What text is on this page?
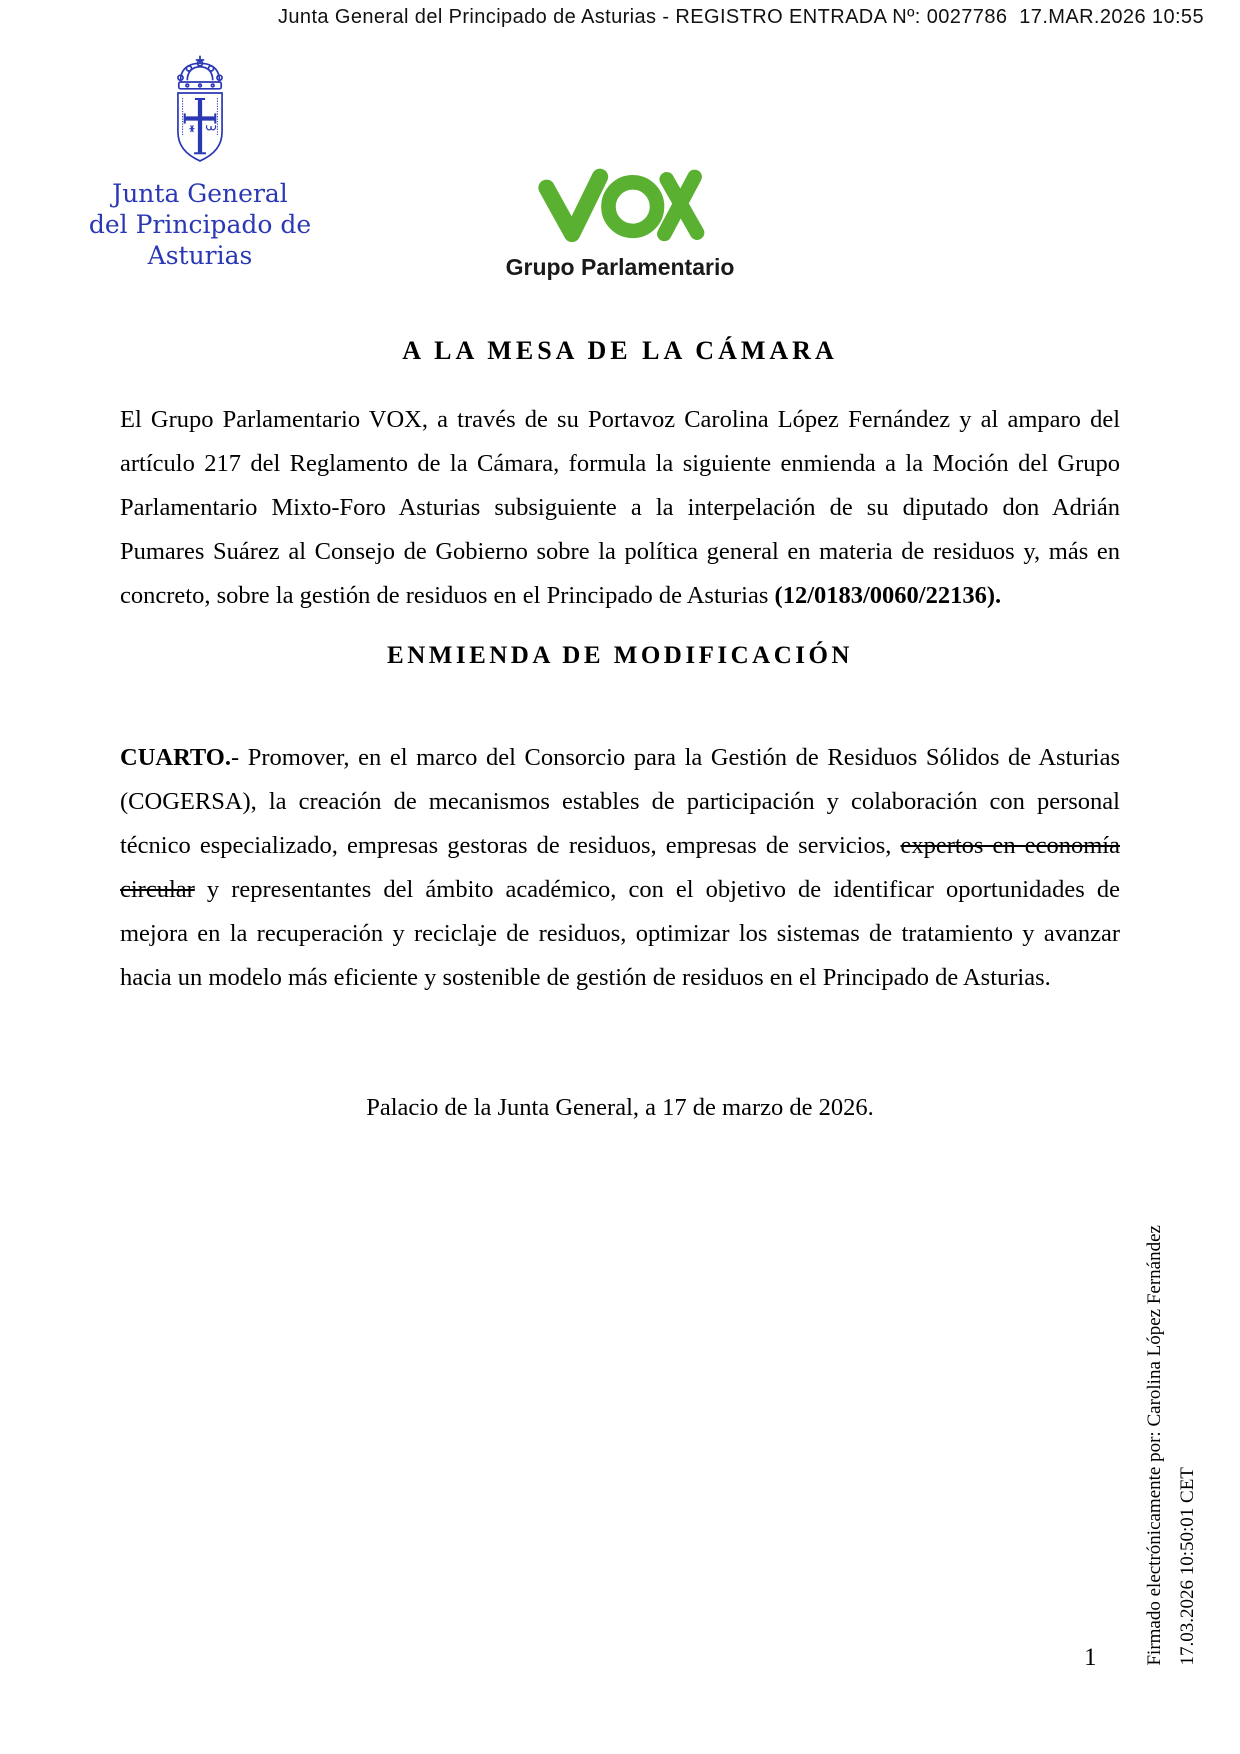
Junta General del Principado de Asturias - REGISTRO ENTRADA Nº: 0027786  17.MAR.2026 10:55
Junta General
del Principado de Asturias	Grupo Parlamentario
A LA MESA DE LA CÁMARA

El Grupo Parlamentario VOX, a través de su Portavoz Carolina López Fernández y al amparo del artículo 217 del Reglamento de la Cámara, formula la siguiente enmienda a la Moción del Grupo Parlamentario Mixto-Foro Asturias subsiguiente a la interpelación de su diputado don Adrián Pumares Suárez al Consejo de Gobierno sobre la política general en materia de residuos y, más en concreto, sobre la gestión de residuos en el Principado de Asturias (12/0183/0060/22136).

ENMIENDA DE MODIFICACIÓN

CUARTO.- Promover, en el marco del Consorcio para la Gestión de Residuos Sólidos de Asturias (COGERSA), la creación de mecanismos estables de participación y colaboración con personal técnico especializado, empresas gestoras de residuos, empresas de servicios, expertos en economía circular y representantes del ámbito académico, con el objetivo de identificar oportunidades de mejora en la recuperación y reciclaje de residuos, optimizar los sistemas de tratamiento y avanzar hacia un modelo más eficiente y sostenible de gestión de residuos en el Principado de Asturias.

Palacio de la Junta General, a 17 de marzo de 2026.

Firmado electrónicamente por: Carolina López Fernández 17.03.2026 10:50:01 CET
1
